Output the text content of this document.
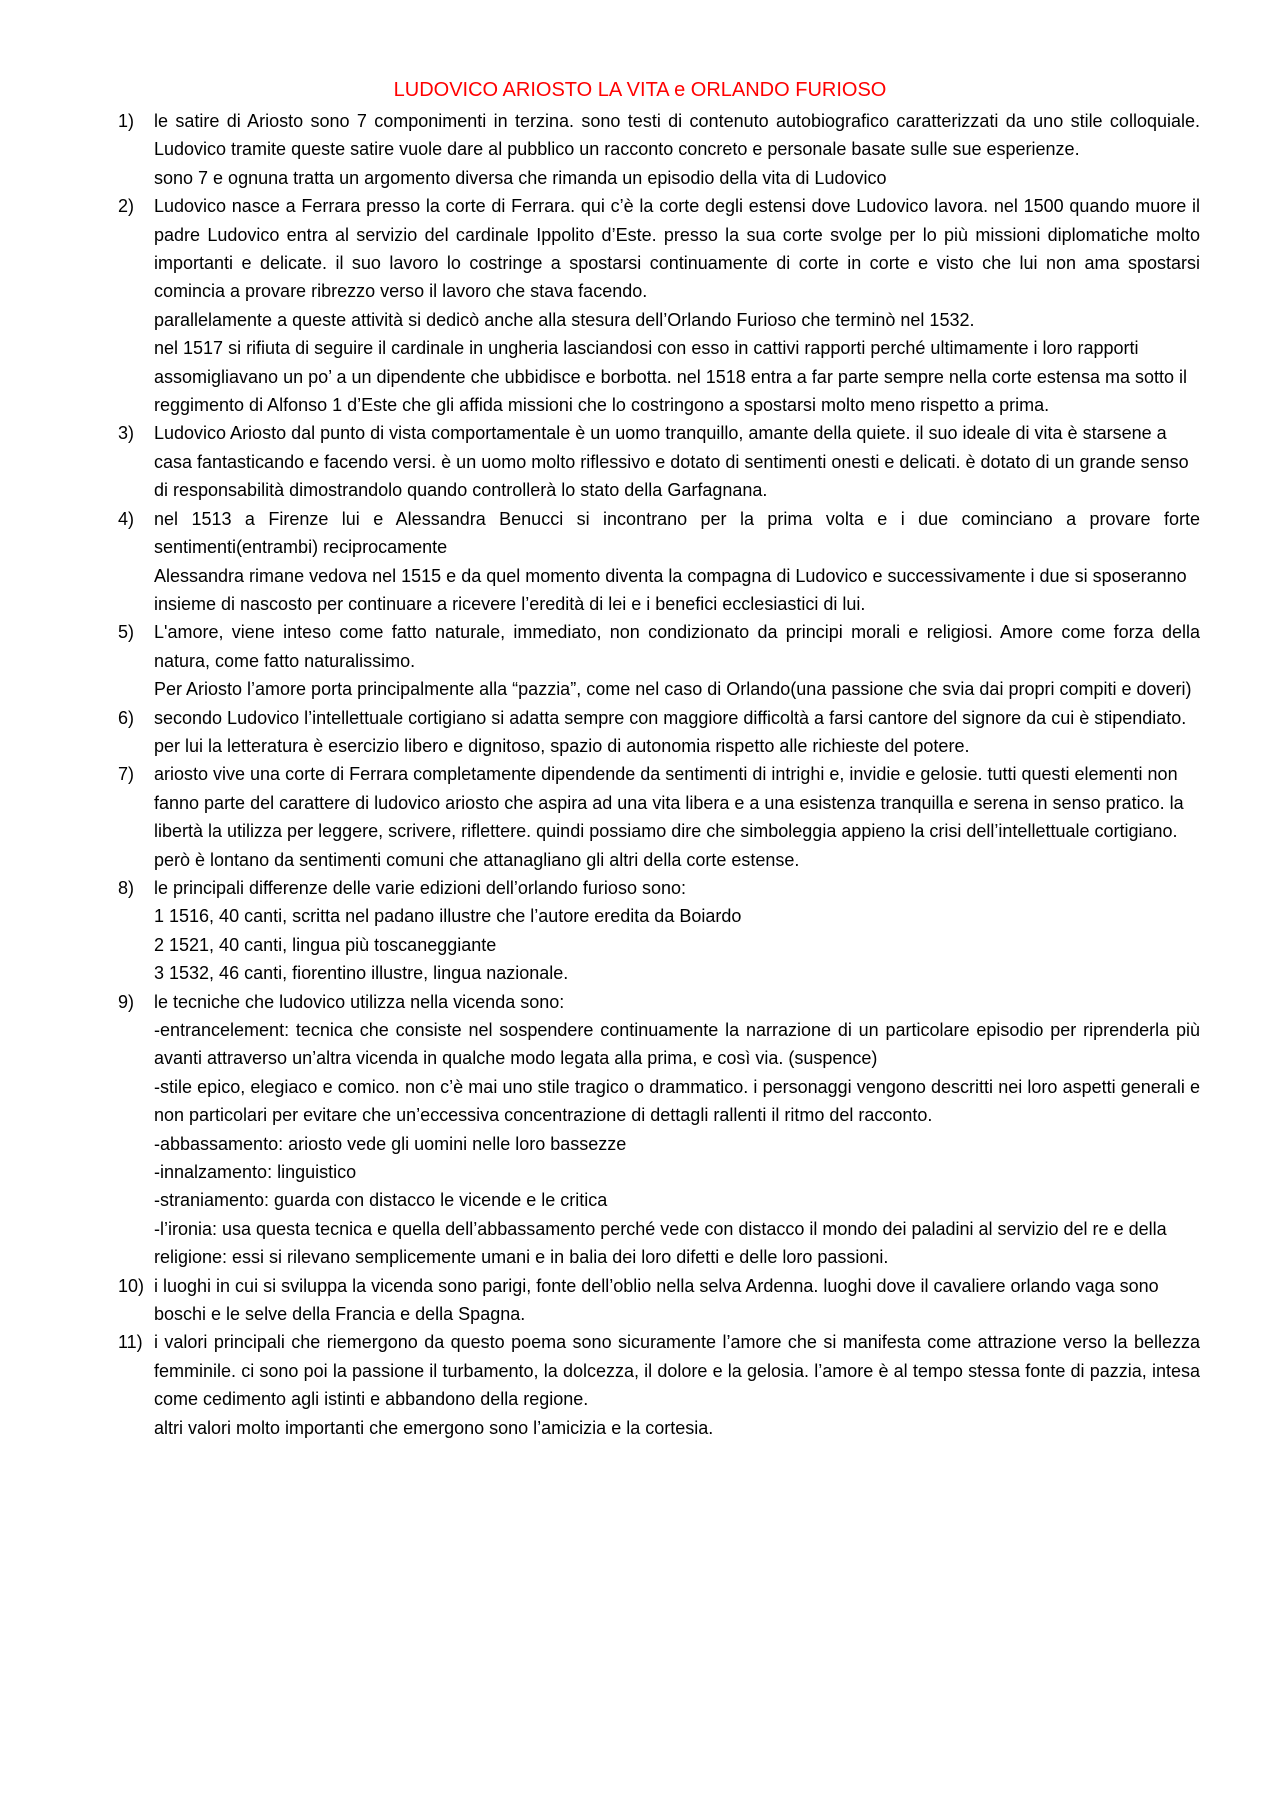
LUDOVICO ARIOSTO LA VITA e ORLANDO FURIOSO
1) le satire di Ariosto sono 7 componimenti in terzina. sono testi di contenuto autobiografico caratterizzati da uno stile colloquiale. Ludovico tramite queste satire vuole dare al pubblico un racconto concreto e personale basate sulle sue esperienze.

sono 7 e ognuna tratta un argomento diversa che rimanda un episodio della vita di Ludovico

2) Ludovico nasce a Ferrara presso la corte di Ferrara. qui c’è la corte degli estensi dove Ludovico lavora. nel 1500 quando muore il padre Ludovico entra al servizio del cardinale Ippolito d’Este. presso la sua corte svolge per lo più missioni diplomatiche molto importanti e delicate. il suo lavoro lo costringe a spostarsi continuamente di corte in corte e visto che lui non ama spostarsi comincia a provare ribrezzo verso il lavoro che stava facendo.

parallelamente a queste attività si dedicò anche alla stesura dell’Orlando Furioso che terminò nel 1532.

nel 1517 si rifiuta di seguire il cardinale in ungheria lasciandosi con esso in cattivi rapporti perché ultimamente i loro rapporti assomigliavano un po’ a un dipendente che ubbidisce e borbotta. nel 1518 entra a far parte sempre nella corte estensa ma sotto il reggimento di Alfonso 1 d’Este che gli affida missioni che lo costringono a spostarsi molto meno rispetto a prima.

3) Ludovico Ariosto dal punto di vista comportamentale è un uomo tranquillo, amante della quiete. il suo ideale di vita è starsene a casa fantasticando e facendo versi. è un uomo molto riflessivo e dotato di sentimenti onesti e delicati. è dotato di un grande senso di responsabilità dimostrandolo quando controllerà lo stato della Garfagnana.

4) nel 1513 a Firenze lui e Alessandra Benucci si incontrano per la prima volta e i due cominciano a provare forte sentimenti(entrambi) reciprocamente

Alessandra rimane vedova nel 1515 e da quel momento diventa la compagna di Ludovico e successivamente i due si sposeranno insieme di nascosto per continuare a ricevere l’eredità di lei e i benefici ecclesiastici di lui.

5) L'amore, viene inteso come fatto naturale, immediato, non condizionato da principi morali e religiosi. Amore come forza della natura, come fatto naturalissimo.

Per Ariosto l’amore porta principalmente alla “pazzia”, come nel caso di Orlando(una passione che svia dai propri compiti e doveri)

6) secondo Ludovico l’intellettuale cortigiano si adatta sempre con maggiore difficoltà a farsi cantore del signore da cui è stipendiato. per lui la letteratura è esercizio libero e dignitoso, spazio di autonomia rispetto alle richieste del potere.

7) ariosto vive una corte di Ferrara completamente dipendende da sentimenti di intrighi e, invidie e gelosie. tutti questi elementi non fanno parte del carattere di ludovico ariosto che aspira ad una vita libera e a una esistenza tranquilla e serena in senso pratico. la libertà la utilizza per leggere, scrivere, riflettere. quindi possiamo dire che simboleggia appieno la crisi dell’intellettuale cortigiano. però è lontano da sentimenti comuni che attanagliano gli altri della corte estense.

8) le principali differenze delle varie edizioni dell’orlando furioso sono:

1 1516, 40 canti, scritta nel padano illustre che l’autore eredita da Boiardo

2 1521, 40 canti, lingua più toscaneggiante

3 1532, 46 canti, fiorentino illustre, lingua nazionale.

9) le tecniche che ludovico utilizza nella vicenda sono:

-entrancelement: tecnica che consiste nel sospendere continuamente la narrazione di un particolare episodio per riprenderla più avanti attraverso un’altra vicenda in qualche modo legata alla prima, e così via. (suspence)

-stile epico, elegiaco e comico. non c’è mai uno stile tragico o drammatico. i personaggi vengono descritti nei loro aspetti generali e non particolari per evitare che un’eccessiva concentrazione di dettagli rallenti il ritmo del racconto.

-abbassamento: ariosto vede gli uomini nelle loro bassezze

-innalzamento: linguistico

-straniamento: guarda con distacco le vicende e le critica

-l’ironia: usa questa tecnica e quella dell’abbassamento perché vede con distacco il mondo dei paladini al servizio del re e della religione: essi si rilevano semplicemente umani e in balia dei loro difetti e delle loro passioni.

10) i luoghi in cui si sviluppa la vicenda sono parigi, fonte dell’oblio nella selva Ardenna. luoghi dove il cavaliere orlando vaga sono boschi e le selve della Francia e della Spagna.

11) i valori principali che riemergono da questo poema sono sicuramente l’amore che si manifesta come attrazione verso la bellezza femminile. ci sono poi la passione il turbamento, la dolcezza, il dolore e la gelosia. l’amore è al tempo stessa fonte di pazzia, intesa come cedimento agli istinti e abbandono della regione.

altri valori molto importanti che emergono sono l’amicizia e la cortesia.
